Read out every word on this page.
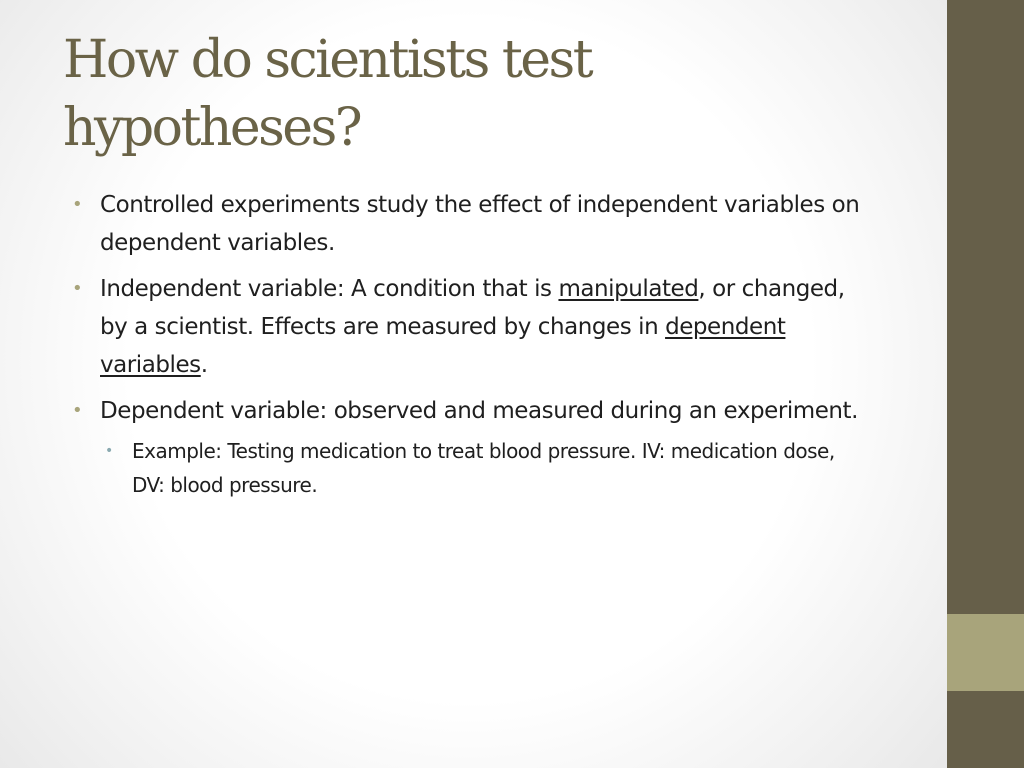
How do scientists test hypotheses?
• Controlled experiments study the effect of independent variables on dependent variables.
• Independent variable: A condition that is manipulated, or changed, by a scientist. Effects are measured by changes in dependent variables.
• Dependent variable: observed and measured during an experiment.
• Example: Testing medication to treat blood pressure. IV: medication dose, DV: blood pressure.
